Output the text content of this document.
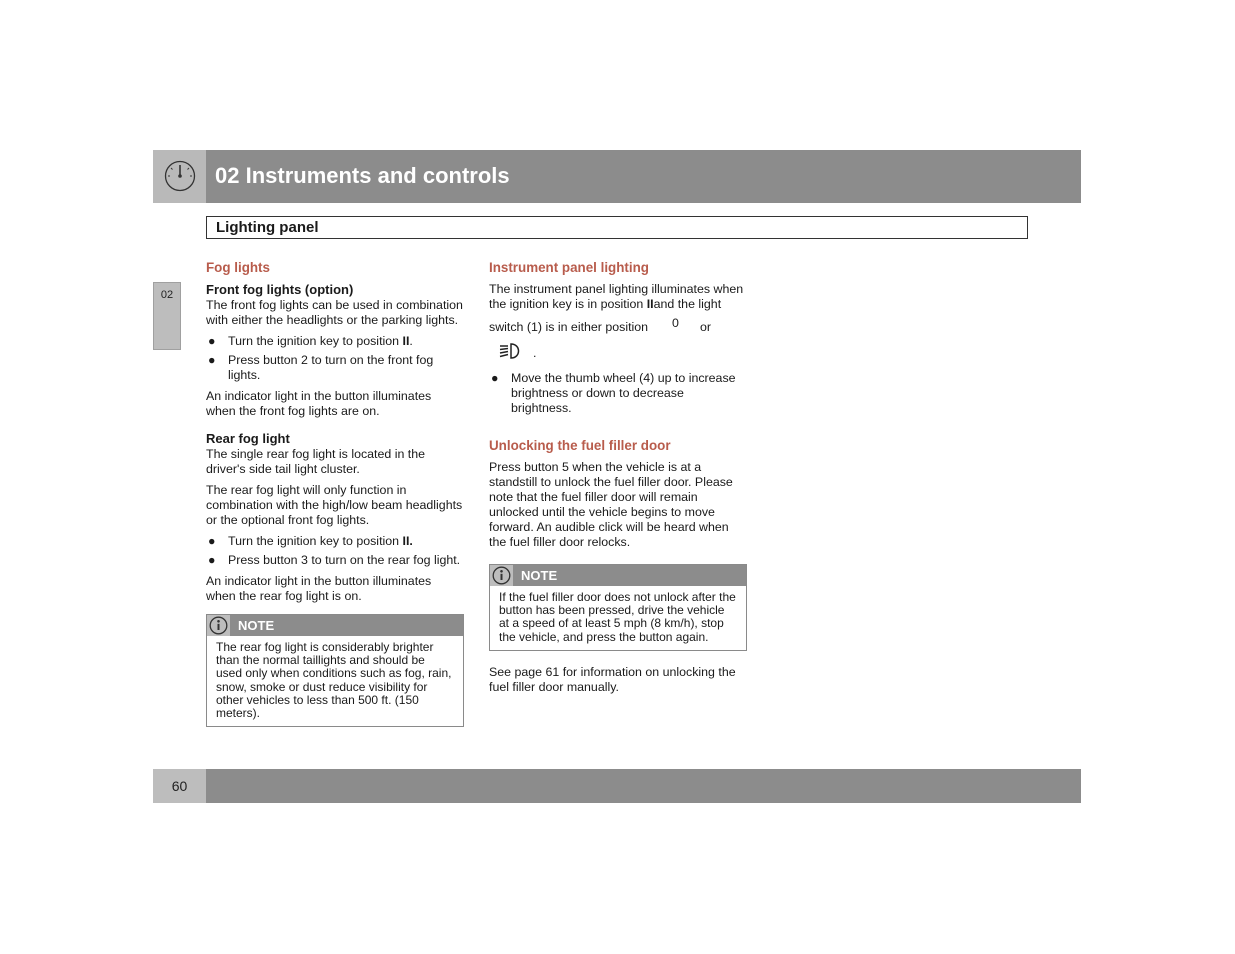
02 Instruments and controls
Lighting panel
02
Fog lights
Front fog lights (option)

The front fog lights can be used in combination with either the headlights or the parking lights.

● Turn the ignition key to position II.
● Press button 2 to turn on the front fog lights.

An indicator light in the button illuminates when the front fog lights are on.

Rear fog light

The single rear fog light is located in the driver's side tail light cluster.

The rear fog light will only function in combination with the high/low beam headlights or the optional front fog lights.

● Turn the ignition key to position II.
● Press button 3 to turn on the rear fog light.

An indicator light in the button illuminates when the rear fog light is on.

NOTE
The rear fog light is considerably brighter than the normal taillights and should be used only when conditions such as fog, rain, snow, smoke or dust reduce visibility for other vehicles to less than 500 ft. (150 meters).
Instrument panel lighting

The instrument panel lighting illuminates when the ignition key is in position IIand the light

switch (1) is in either position 0 or

.
● Move the thumb wheel (4) up to increase brightness or down to decrease brightness.
Unlocking the fuel filler door

Press button 5 when the vehicle is at a standstill to unlock the fuel filler door. Please note that the fuel filler door will remain unlocked until the vehicle begins to move forward. An audible click will be heard when the fuel filler door relocks.

NOTE
If the fuel filler door does not unlock after the button has been pressed, drive the vehicle at a speed of at least 5 mph (8 km/h), stop the vehicle, and press the button again.

See page 61 for information on unlocking the fuel filler door manually.

60
